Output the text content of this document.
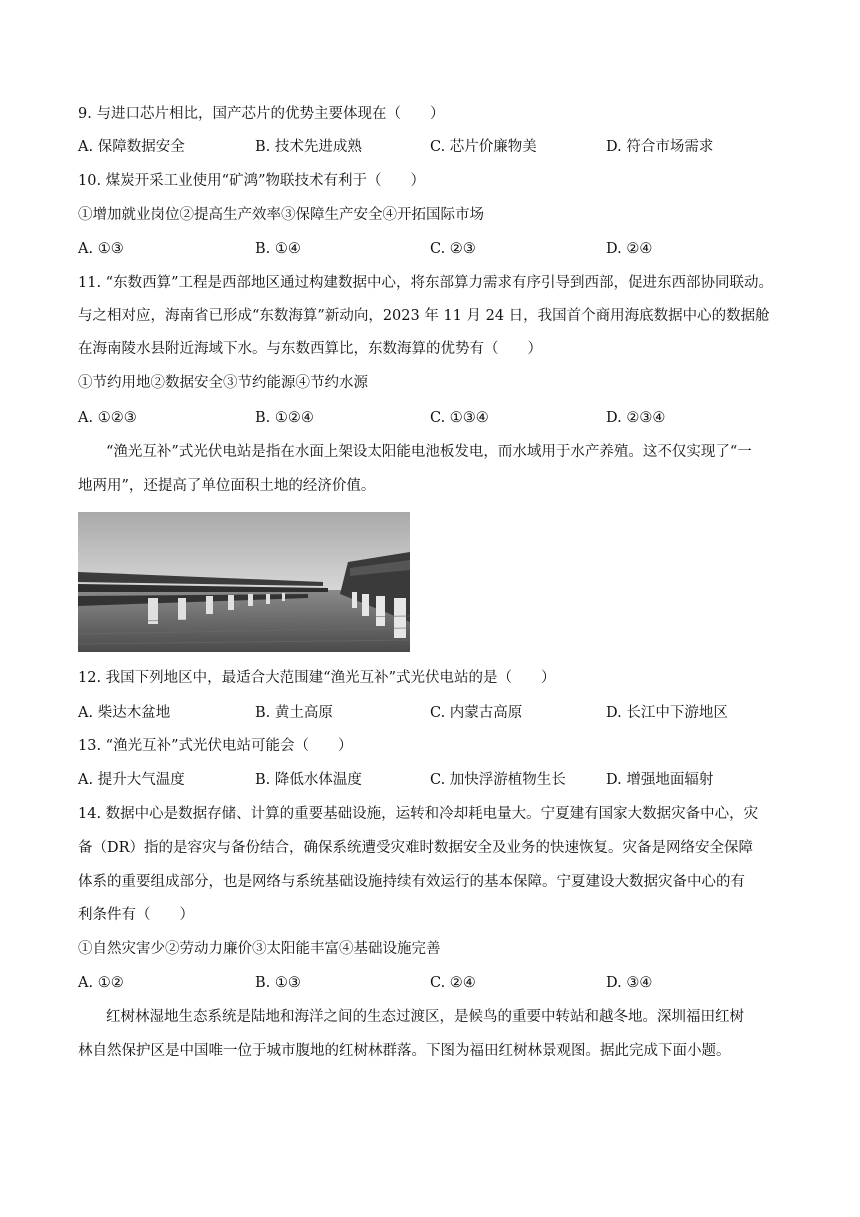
9. 与进口芯片相比，国产芯片的优势主要体现在（　　）
A. 保障数据安全	B. 技术先进成熟	C. 芯片价廉物美	D. 符合市场需求
10. 煤炭开采工业使用“矿鸿”物联技术有利于（　　）
①增加就业岗位②提高生产效率③保障生产安全④开拓国际市场
A. ①③	B. ①④	C. ②③	D. ②④
11. “东数西算”工程是西部地区通过构建数据中心，将东部算力需求有序引导到西部，促进东西部协同联动。
与之相对应，海南省已形成“东数海算”新动向，2023 年 11 月 24 日，我国首个商用海底数据中心的数据舱
在海南陵水县附近海域下水。与东数西算比，东数海算的优势有（　　）
①节约用地②数据安全③节约能源④节约水源
A. ①②③	B. ①②④	C. ①③④	D. ②③④
“渔光互补”式光伏电站是指在水面上架设太阳能电池板发电，而水域用于水产养殖。这不仅实现了“一
地两用”，还提高了单位面积土地的经济价值。
12. 我国下列地区中，最适合大范围建“渔光互补”式光伏电站的是（　　）
A. 柴达木盆地	B. 黄土高原	C. 内蒙古高原	D. 长江中下游地区
13. “渔光互补”式光伏电站可能会（　　）
A. 提升大气温度	B. 降低水体温度	C. 加快浮游植物生长	D. 增强地面辐射
14. 数据中心是数据存储、计算的重要基础设施，运转和冷却耗电量大。宁夏建有国家大数据灾备中心，灾
备（DR）指的是容灾与备份结合，确保系统遭受灾难时数据安全及业务的快速恢复。灾备是网络安全保障
体系的重要组成部分，也是网络与系统基础设施持续有效运行的基本保障。宁夏建设大数据灾备中心的有
利条件有（　　）
①自然灾害少②劳动力廉价③太阳能丰富④基础设施完善
A. ①②	B. ①③	C. ②④	D. ③④
红树林湿地生态系统是陆地和海洋之间的生态过渡区，是候鸟的重要中转站和越冬地。深圳福田红树
林自然保护区是中国唯一位于城市腹地的红树林群落。下图为福田红树林景观图。据此完成下面小题。
